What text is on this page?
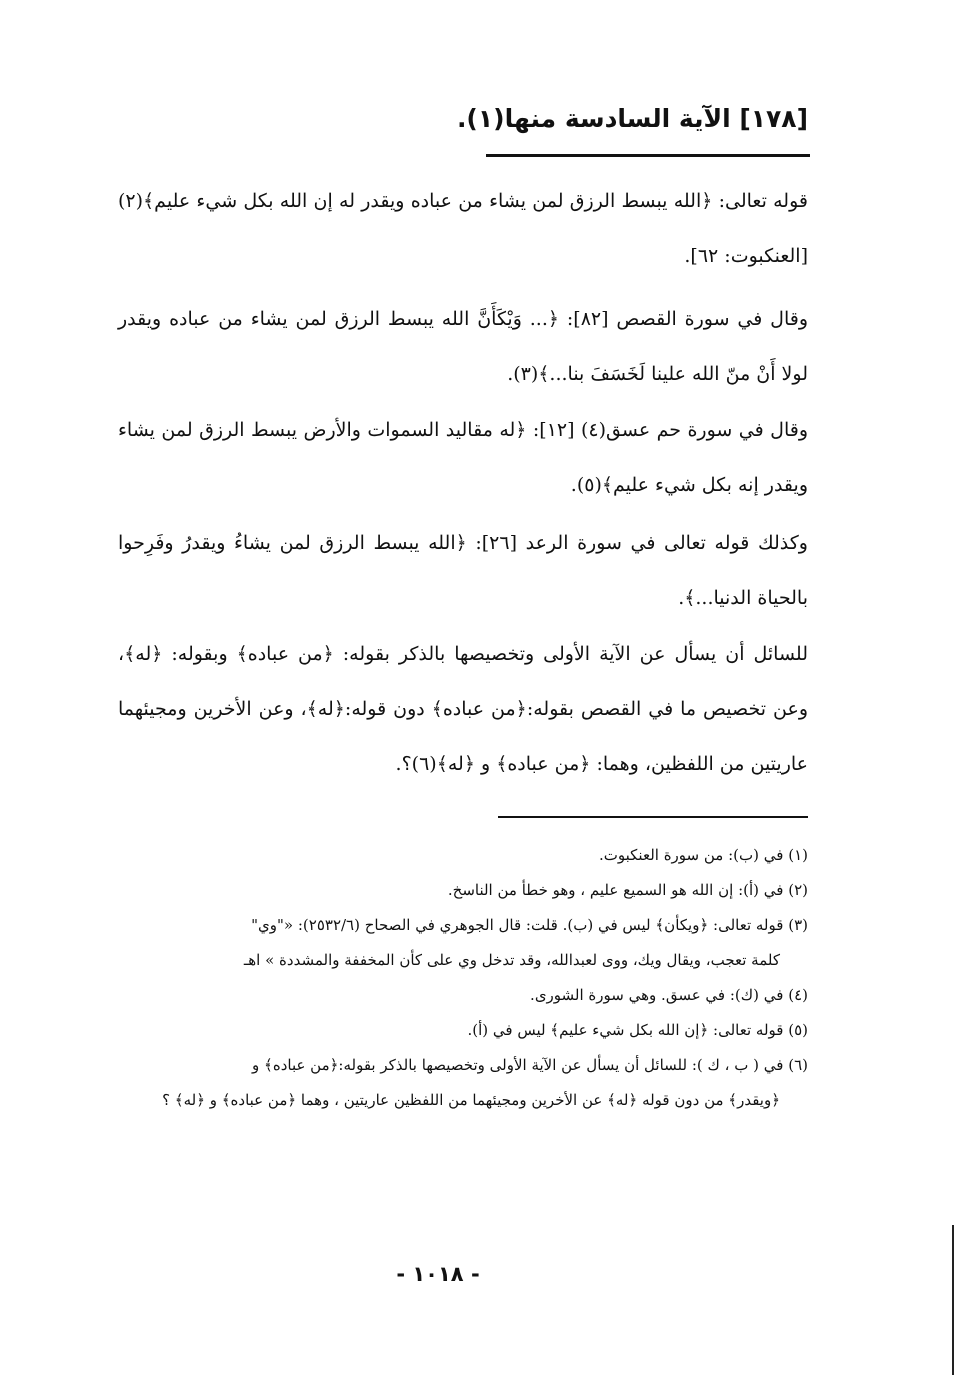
[١٧٨] الآية السادسة منها(١).
قوله تعالى: ﴿الله يبسط الرزق لمن يشاء من عباده ويقدر له إن الله بكل شيء عليم﴾(٢) [العنكبوت: ٦٢].
وقال في سورة القصص [٨٢]: ﴿... وَيْكَأَنَّ الله يبسط الرزق لمن يشاء من عباده ويقدر لولا أَنْ منّ الله علينا لَخَسَفَ بنا...﴾(٣).
وقال في سورة حم عسق(٤) [١٢]: ﴿له مقاليد السموات والأرض يبسط الرزق لمن يشاء ويقدر إنه بكل شيء عليم﴾(٥).
وكذلك قوله تعالى في سورة الرعد [٢٦]: ﴿الله يبسط الرزق لمن يشاءُ ويقدرُ وفَرِحوا بالحياة الدنيا...﴾.
للسائل أن يسأل عن الآية الأولى وتخصيصها بالذكر بقوله: ﴿من عباده﴾ وبقوله: ﴿له﴾، وعن تخصيص ما في القصص بقوله:﴿من عباده﴾ دون قوله:﴿له﴾، وعن الأخرين ومجيئهما عاريتين من اللفظين، وهما: ﴿من عباده﴾ و ﴿له﴾(٦)؟.

(١) في (ب): من سورة العنكبوت.

(٢) في (أ): إن الله هو السميع عليم ، وهو خطأ من الناسخ.

(٣) قوله تعالى: ﴿ويكأن﴾ ليس في (ب). قلت: قال الجوهري في الصحاح (٢٥٣٢/٦): «"وي"
كلمة تعجب، ويقال ويك، ووى لعبدالله، وقد تدخل وي على كأن المخففة والمشددة » اهـ

(٤) في (ك): في عسق. وهي سورة الشورى.

(٥) قوله تعالى: ﴿إن الله بكل شيء عليم﴾ ليس في (أ).

(٦) في ( ب ، ك ): للسائل أن يسأل عن الآية الأولى وتخصيصها بالذكر بقوله:﴿من عباده﴾ و
﴿ويقدر﴾ من دون قوله ﴿له﴾ عن الأخرين ومجيئهما من اللفظين عاريتين ، وهما ﴿من عباده﴾ و ﴿له﴾ ؟

- ١٠١٨ -
